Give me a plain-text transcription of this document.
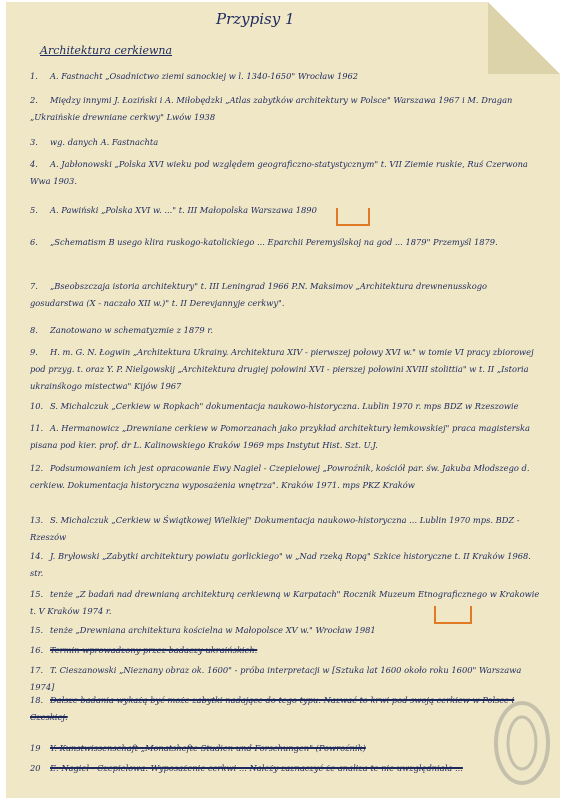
Przypisy 1
Architektura cerkiewna
1. A. Fastnacht „Osadnictwo ziemi sanockiej w l. 1340-1650" Wrocław 1962
2. Między innymi J. Łoziński i A. Miłobędzki „Atlas zabytków architektury w Polsce" Warszawa 1967 i M. Dragan „Ukraińskie drewniane cerkwy" Lwów 1938
3. wg. danych A. Fastnachta
4. A. Jabłonowski „Polska XVI wieku pod względem geograficzno-statystycznym" t. VII Ziemie ruskie, Ruś Czerwona Wwa 1903.
5. A. Pawiński „Polska XVI w. ..." t. III Małopolska Warszawa 1890
6. „Schematism B usego klira ruskogo-katolickiego ... Eparchii Peremyślskoj na god ... 1879" Przemyśl 1879.
7. „Bseobszczaja istoria architektury" t. III Leningrad 1966 P.N. Maksimov „Architektura drewnenusskogo gosudarstwa (X - naczało XII w.)" t. II Derevjannyje cerkwy".
8. Zanotowano w schematyzmie z 1879 r.
9. H. m. G. N. Łogwin „Architektura Ukrainy. Architektura XIV - pierwszej połowy XVI w." w tomie VI pracy zbiorowej pod przyg. t. oraz Y. P. Nielgowskij „Architektura drugiej połowini XVI - pierszej połowini XVIII stolittia" w t. II „Istoria ukrainśkogo mistectwa" Kijów 1967
10. S. Michalczuk „Cerkiew w Ropkach" dokumentacja naukowo-historyczna. Lublin 1970 r. mps BDZ w Rzeszowie
11. A. Hermanowicz „Drewniane cerkiew w Pomorzanach jako przykład architektury łemkowskiej" praca magisterska pisana pod kier. prof. dr L. Kalinowskiego Kraków 1969 mps Instytut Hist. Szt. U.J.
12. Podsumowaniem ich jest opracowanie Ewy Nagiel - Czepielowej „Powroźnik, kościół par. św. Jakuba Młodszego d. cerkiew. Dokumentacja historyczna wyposażenia wnętrza". Kraków 1971. mps PKZ Kraków
13. S. Michalczuk „Cerkiew w Świątkowej Wielkiej" Dokumentacja naukowo-historyczna ... Lublin 1970 mps. BDZ - Rzeszów
14. J. Bryłowski „Zabytki architektury powiatu gorlickiego" w „Nad rzeką Ropą" Szkice historyczne t. II Kraków 1968. str.
15. tenże „Z badań nad drewnianą architekturą cerkiewną w Karpatach" Rocznik Muzeum Etnograficznego w Krakowie t. V Kraków 1974 r.
15. tenże „Drewniana architektura kościelna w Małopolsce XV w." Wrocław 1981
16. Termin wprowadzony przez badaczy ukraińskich.
17. T. Cieszanowski „Nieznany obraz ok. 1600" - próba interpretacji w [Sztuka lat 1600 około roku 1600" Warszawa 1974]
18. Dalsze badania wykażą być może zabytki nadające do tego typu. Nazwać to krwi pod swoją cerkiew w Polsce i Czeskiej.
19 Y. Kunstwissenschaft „Monatshefte Studien und Forschungen" (Powroźnik)
20 E. Nagiel - Czepielowa. Wyposażenie cerkwi ... Należy zaznaczyć że analiza te nie uwzględniała ...
